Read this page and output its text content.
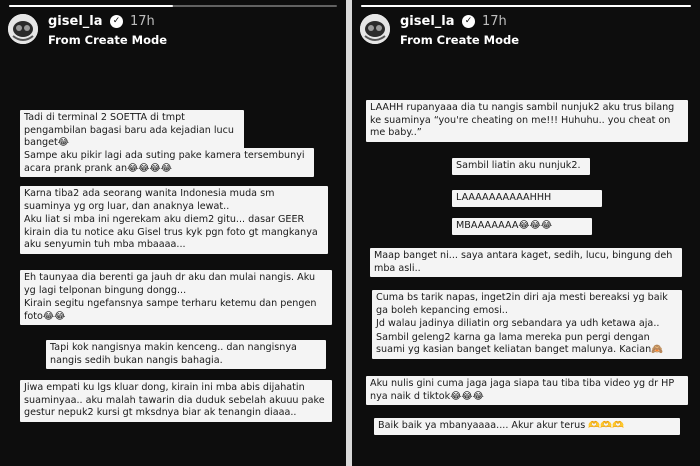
gisel_la	✓ 17h
From Create Mode

Tadi di terminal 2 SOETTA di tmpt pengambilan bagasi baru ada kejadian lucu banget😂

Sampe aku pikir lagi ada suting pake kamera tersembunyi acara prank prank an😂😂😂😂

Karna tiba2 ada seorang wanita Indonesia muda sm suaminya yg org luar, dan anaknya lewat..

Aku liat si mba ini ngerekam aku diem2 gitu... dasar GEER kirain dia tu notice aku Gisel trus kyk pgn foto gt mangkanya aku senyumin tuh mba mbaaaa...

Eh taunyaa dia berenti ga jauh dr aku dan mulai nangis. Aku yg lagi telponan bingung dongg...

Kirain segitu ngefansnya sampe terharu ketemu dan pengen foto😂😂

Tapi kok nangisnya makin kenceng.. dan nangisnya nangis sedih bukan nangis bahagia.

Jiwa empati ku lgs kluar dong, kirain ini mba abis dijahatin suaminyaa.. aku malah tawarin dia duduk sebelah akuuu pake gestur nepuk2 kursi gt mksdnya biar ak tenangin diaaa..

gisel_la	✓ 17h
From Create Mode

LAAHH rupanyaaa dia tu nangis sambil nunjuk2 aku trus bilang ke suaminya “you're cheating on me!!! Huhuhu.. you cheat on me baby..”

Sambil liatin aku nunjuk2.

LAAAAAAAAAAHHH

MBAAAAAAA😂😂😂

Maap banget ni... saya antara kaget, sedih, lucu, bingung deh mba asli..

Cuma bs tarik napas, inget2in diri aja mesti bereaksi yg baik ga boleh kepancing emosi..

Jd walau jadinya diliatin org sebandara ya udh ketawa aja..

Sambil geleng2 karna ga lama mereka pun pergi dengan suami yg kasian banget keliatan banget malunya. Kacian🙈

Aku nulis gini cuma jaga jaga siapa tau tiba tiba video yg dr HP nya naik d tiktok😂😂😂

Baik baik ya mbanyaaaa.... Akur akur terus 🫶🫶🫶
